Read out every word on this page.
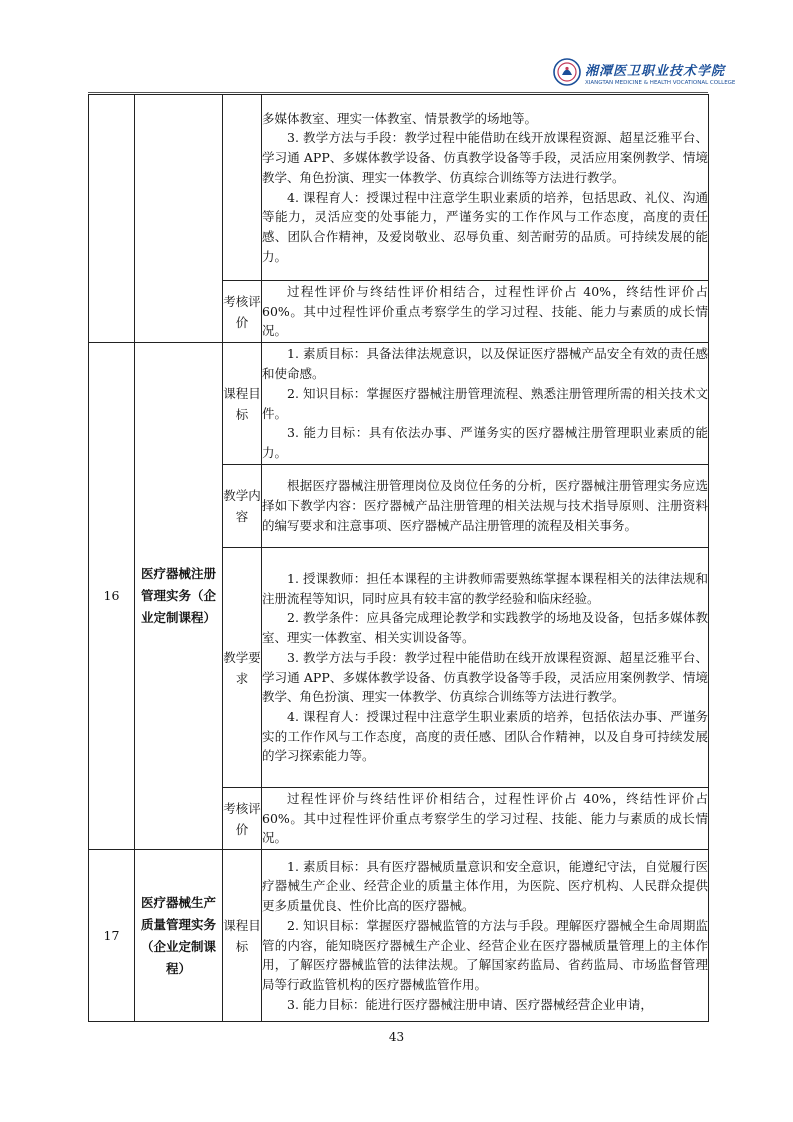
湘潭医卫职业技术学院
XIANGTAN MEDICINE & HEALTH VOCATIONAL COLLEGE

			多媒体教室、理实一体教室、情景教学的场地等。

3. 教学方法与手段：教学过程中能借助在线开放课程资源、超星泛雅平台、学习通 APP、多媒体教学设备、仿真教学设备等手段，灵活应用案例教学、情境教学、角色扮演、理实一体教学、仿真综合训练等方法进行教学。

4. 课程育人：授课过程中注意学生职业素质的培养，包括思政、礼仪、沟通等能力，灵活应变的处事能力，严谨务实的工作作风与工作态度，高度的责任感、团队合作精神，及爱岗敬业、忍辱负重、刻苦耐劳的品质。可持续发展的能力。

		考核评价	过程性评价与终结性评价相结合，过程性评价占 40%，终结性评价占 60%。其中过程性评价重点考察学生的学习过程、技能、能力与素质的成长情况。

16	医疗器械注册管理实务（企业定制课程）	课程目标	1. 素质目标：具备法律法规意识，以及保证医疗器械产品安全有效的责任感和使命感。

2. 知识目标：掌握医疗器械注册管理流程、熟悉注册管理所需的相关技术文件。

3. 能力目标：具有依法办事、严谨务实的医疗器械注册管理职业素质的能力。

		教学内容	根据医疗器械注册管理岗位及岗位任务的分析，医疗器械注册管理实务应选择如下教学内容：医疗器械产品注册管理的相关法规与技术指导原则、注册资料的编写要求和注意事项、医疗器械产品注册管理的流程及相关事务。

		教学要求	1. 授课教师：担任本课程的主讲教师需要熟练掌握本课程相关的法律法规和注册流程等知识，同时应具有较丰富的教学经验和临床经验。

2. 教学条件：应具备完成理论教学和实践教学的场地及设备，包括多媒体教室、理实一体教室、相关实训设备等。

3. 教学方法与手段：教学过程中能借助在线开放课程资源、超星泛雅平台、学习通 APP、多媒体教学设备、仿真教学设备等手段，灵活应用案例教学、情境教学、角色扮演、理实一体教学、仿真综合训练等方法进行教学。

4. 课程育人：授课过程中注意学生职业素质的培养，包括依法办事、严谨务实的工作作风与工作态度，高度的责任感、团队合作精神，以及自身可持续发展的学习探索能力等。

		考核评价	过程性评价与终结性评价相结合，过程性评价占 40%，终结性评价占 60%。其中过程性评价重点考察学生的学习过程、技能、能力与素质的成长情况。

17	医疗器械生产质量管理实务（企业定制课程）	课程目标	1. 素质目标：具有医疗器械质量意识和安全意识，能遵纪守法，自觉履行医疗器械生产企业、经营企业的质量主体作用，为医院、医疗机构、人民群众提供更多质量优良、性价比高的医疗器械。

2. 知识目标：掌握医疗器械监管的方法与手段。理解医疗器械全生命周期监管的内容，能知晓医疗器械生产企业、经营企业在医疗器械质量管理上的主体作用，了解医疗器械监管的法律法规。了解国家药监局、省药监局、市场监督管理局等行政监管机构的医疗器械监管作用。

3. 能力目标：能进行医疗器械注册申请、医疗器械经营企业申请，

43
